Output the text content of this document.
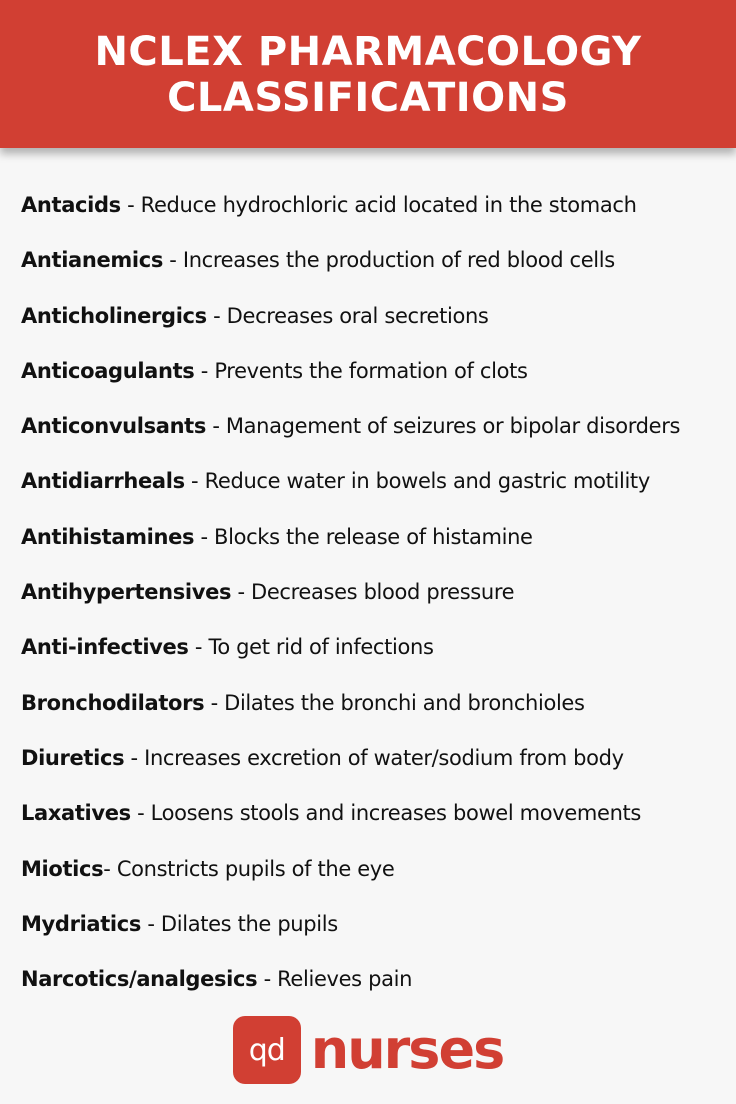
NCLEX PHARMACOLOGY
CLASSIFICATIONS
Antacids - Reduce hydrochloric acid located in the stomach
Antianemics - Increases the production of red blood cells
Anticholinergics - Decreases oral secretions
Anticoagulants - Prevents the formation of clots
Anticonvulsants - Management of seizures or bipolar disorders
Antidiarrheals - Reduce water in bowels and gastric motility
Antihistamines - Blocks the release of histamine
Antihypertensives - Decreases blood pressure
Anti-infectives - To get rid of infections
Bronchodilators - Dilates the bronchi and bronchioles
Diuretics - Increases excretion of water/sodium from body
Laxatives - Loosens stools and increases bowel movements
Miotics- Constricts pupils of the eye
Mydriatics - Dilates the pupils
Narcotics/analgesics - Relieves pain
qd nurses
